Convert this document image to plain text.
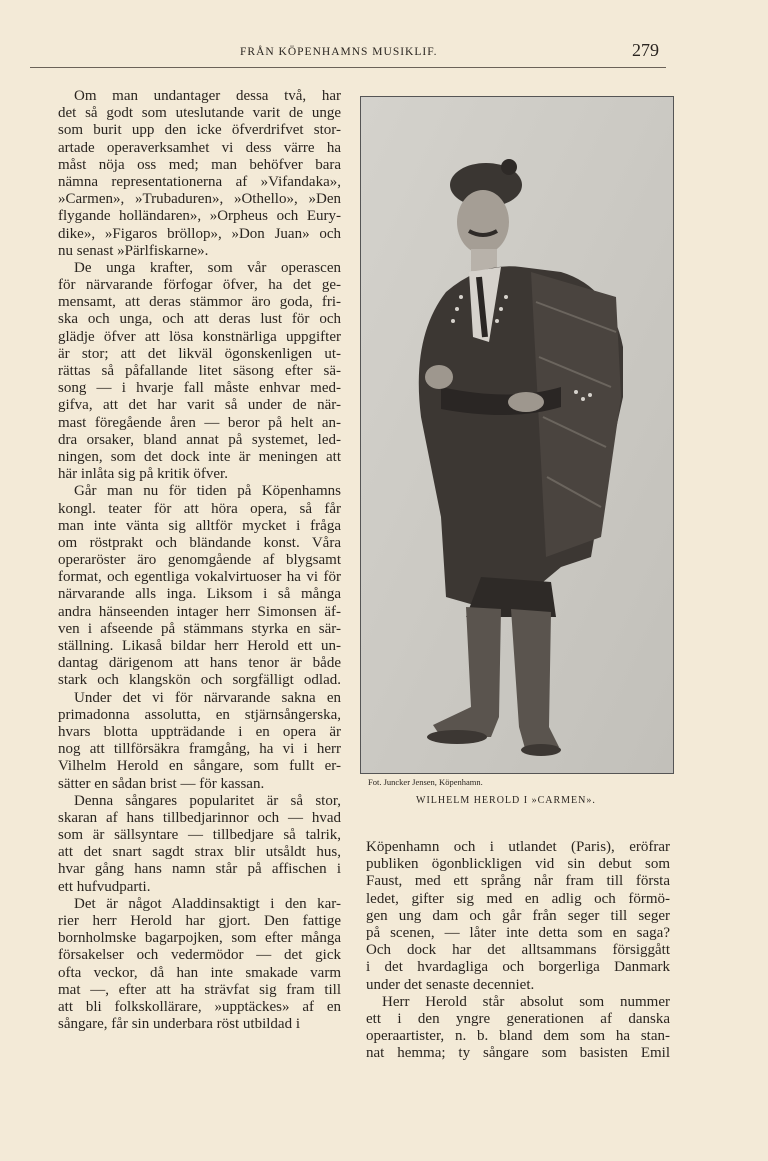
FRÅN KÖPENHAMNS MUSIKLIF.	279
Om man undantager dessa två, har
det så godt som uteslutande varit de unge
som burit upp den icke öfverdrifvet stor-
artade operaverksamhet vi dess värre ha
måst nöja oss med; man behöfver bara
nämna representationerna af »Vifandaka»,
»Carmen», »Trubaduren», »Othello», »Den
flygande holländaren», »Orpheus och Eury-
dike», »Figaros bröllop», »Don Juan» och
nu senast »Pärlfiskarne».
De unga krafter, som vår operascen
för närvarande förfogar öfver, ha det ge-
mensamt, att deras stämmor äro goda, fri-
ska och unga, och att deras lust för och
glädje öfver att lösa konstnärliga uppgifter
är stor; att det likväl ögonskenligen ut-
rättas så påfallande litet säsong efter sä-
song — i hvarje fall måste enhvar med-
gifva, att det har varit så under de när-
mast föregående åren — beror på helt an-
dra orsaker, bland annat på systemet, led-
ningen, som det dock inte är meningen att
här inlåta sig på kritik öfver.
Går man nu för tiden på Köpenhamns
kongl. teater för att höra opera, så får
man inte vänta sig alltför mycket i fråga
om röstprakt och bländande konst. Våra
operaröster äro genomgående af blygsamt
format, och egentliga vokalvirtuoser ha vi för
närvarande alls inga. Liksom i så många
andra hänseenden intager herr Simonsen äf-
ven i afseende på stämmans styrka en sär-
ställning. Likaså bildar herr Herold ett un-
dantag därigenom att hans tenor är både
stark och klangskön och sorgfälligt odlad.
Under det vi för närvarande sakna en
primadonna assolutta, en stjärnsångerska,
hvars blotta uppträdande i en opera är
nog att tillförsäkra framgång, ha vi i herr
Vilhelm Herold en sångare, som fullt er-
sätter en sådan brist — för kassan.
Denna sångares popularitet är så stor,
skaran af hans tillbedjarinnor och — hvad
som är sällsyntare — tillbedjare så talrik,
att det snart sagdt strax blir utsåldt hus,
hvar gång hans namn står på affischen i
ett hufvudparti.
Det är något Aladdinsaktigt i den kar-
rier herr Herold har gjort. Den fattige
bornholmske bagarpojken, som efter många
försakelser och vedermödor — det gick
ofta veckor, då han inte smakade varm
mat —, efter att ha strävfat sig fram till
att bli folkskollärare, »upptäckes» af en
sångare, får sin underbara röst utbildad i
Fot. Juncker Jensen, Köpenhamn.
WILHELM HEROLD I »CARMEN».
Köpenhamn och i utlandet (Paris), eröfrar
publiken ögonblickligen vid sin debut som
Faust, med ett språng når fram till första
ledet, gifter sig med en adlig och förmö-
gen ung dam och går från seger till seger
på scenen, — låter inte detta som en saga?
Och dock har det alltsammans försiggått
i det hvardagliga och borgerliga Danmark
under det senaste decenniet.
Herr Herold står absolut som nummer
ett i den yngre generationen af danska
operaartister, n. b. bland dem som ha stan-
nat hemma; ty sångare som basisten Emil
